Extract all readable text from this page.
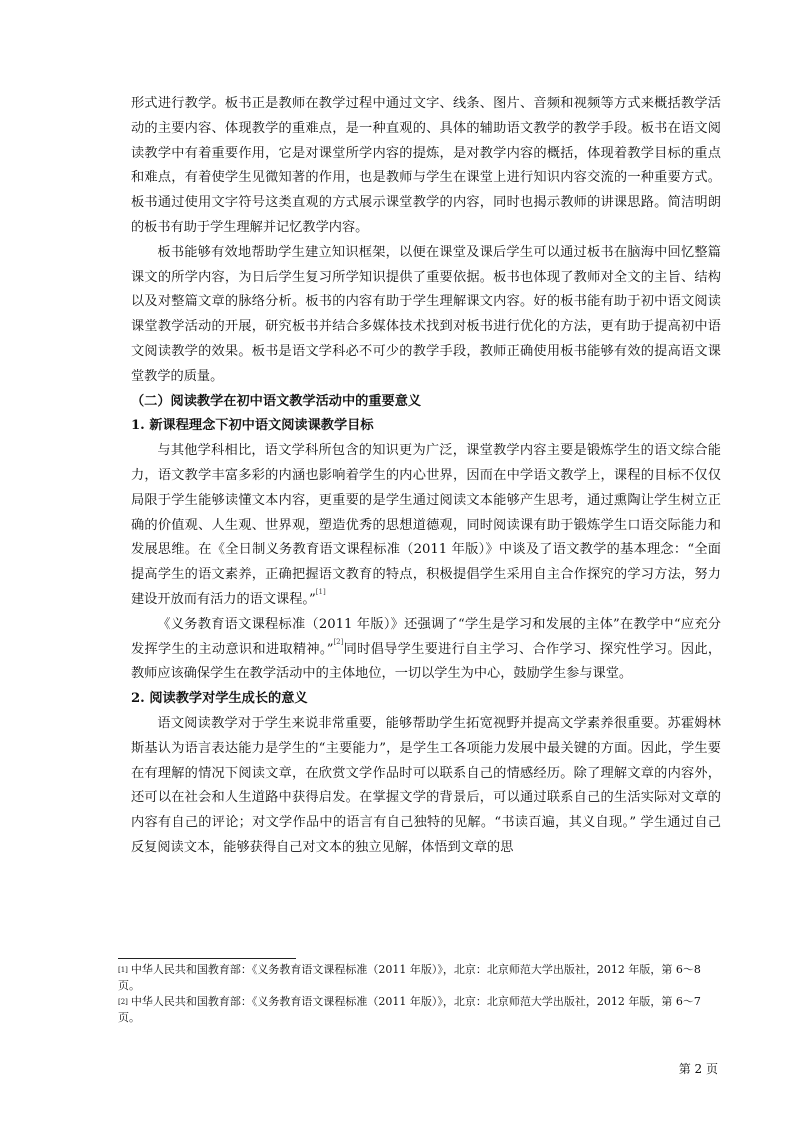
形式进行教学。板书正是教师在教学过程中通过文字、线条、图片、音频和视频等方式来概括教学活动的主要内容、体现教学的重难点，是一种直观的、具体的辅助语文教学的教学手段。板书在语文阅读教学中有着重要作用，它是对课堂所学内容的提炼，是对教学内容的概括，体现着教学目标的重点和难点，有着使学生见微知著的作用，也是教师与学生在课堂上进行知识内容交流的一种重要方式。板书通过使用文字符号这类直观的方式展示课堂教学的内容，同时也揭示教师的讲课思路。简洁明朗的板书有助于学生理解并记忆教学内容。

板书能够有效地帮助学生建立知识框架，以便在课堂及课后学生可以通过板书在脑海中回忆整篇课文的所学内容，为日后学生复习所学知识提供了重要依据。板书也体现了教师对全文的主旨、结构以及对整篇文章的脉络分析。板书的内容有助于学生理解课文内容。好的板书能有助于初中语文阅读课堂教学活动的开展，研究板书并结合多媒体技术找到对板书进行优化的方法，更有助于提高初中语文阅读教学的效果。板书是语文学科必不可少的教学手段，教师正确使用板书能够有效的提高语文课堂教学的质量。

（二）阅读教学在初中语文教学活动中的重要意义

1. 新课程理念下初中语文阅读课教学目标

与其他学科相比，语文学科所包含的知识更为广泛，课堂教学内容主要是锻炼学生的语文综合能力，语文教学丰富多彩的内涵也影响着学生的内心世界，因而在中学语文教学上，课程的目标不仅仅局限于学生能够读懂文本内容，更重要的是学生通过阅读文本能够产生思考，通过熏陶让学生树立正确的价值观、人生观、世界观，塑造优秀的思想道德观，同时阅读课有助于锻炼学生口语交际能力和发展思维。在《全日制义务教育语文课程标准（2011 年版）》中谈及了语文教学的基本理念：“全面提高学生的语文素养，正确把握语文教育的特点，积极提倡学生采用自主合作探究的学习方法，努力建设开放而有活力的语文课程。”[1]

《义务教育语文课程标准（2011 年版）》还强调了“学生是学习和发展的主体”在教学中“应充分发挥学生的主动意识和进取精神。”[2]同时倡导学生要进行自主学习、合作学习、探究性学习。因此，教师应该确保学生在教学活动中的主体地位，一切以学生为中心，鼓励学生参与课堂。

2. 阅读教学对学生成长的意义

语文阅读教学对于学生来说非常重要，能够帮助学生拓宽视野并提高文学素养很重要。苏霍姆林斯基认为语言表达能力是学生的“主要能力”，是学生工各项能力发展中最关键的方面。因此，学生要在有理解的情况下阅读文章，在欣赏文学作品时可以联系自己的情感经历。除了理解文章的内容外，还可以在社会和人生道路中获得启发。在掌握文学的背景后，可以通过联系自己的生活实际对文章的内容有自己的评论；对文学作品中的语言有自己独特的见解。“书读百遍，其义自现。” 学生通过自己反复阅读文本，能够获得自己对文本的独立见解，体悟到文章的思

[1] 中华人民共和国教育部：《义务教育语文课程标准（2011 年版）》，北京：北京师范大学出版社，2012 年版，第 6～8 页。

[2] 中华人民共和国教育部：《义务教育语文课程标准（2011 年版）》，北京：北京师范大学出版社，2012 年版，第 6～7 页。

第 2 页
